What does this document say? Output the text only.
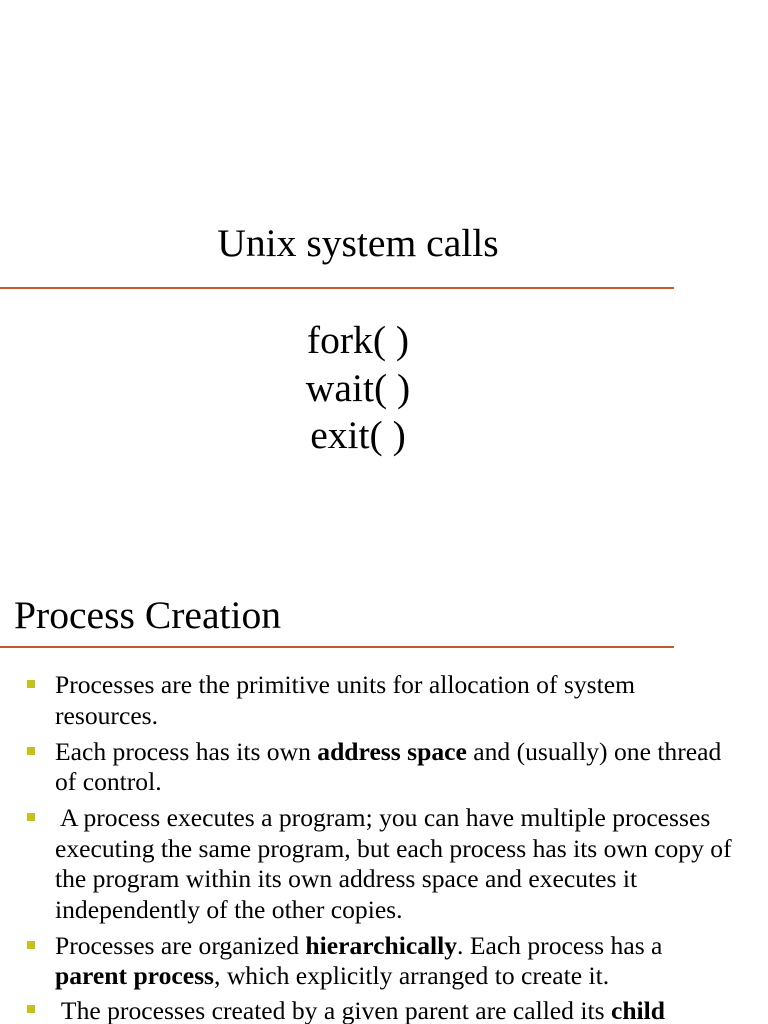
Unix system calls
fork( )
wait( )
exit( )
Process Creation
Processes are the primitive units for allocation of system
resources.
Each process has its own address space and (usually) one thread
of control.
A process executes a program; you can have multiple processes
executing the same program, but each process has its own copy of
the program within its own address space and executes it
independently of the other copies.
Processes are organized hierarchically. Each process has a
parent process, which explicitly arranged to create it.
The processes created by a given parent are called its child
